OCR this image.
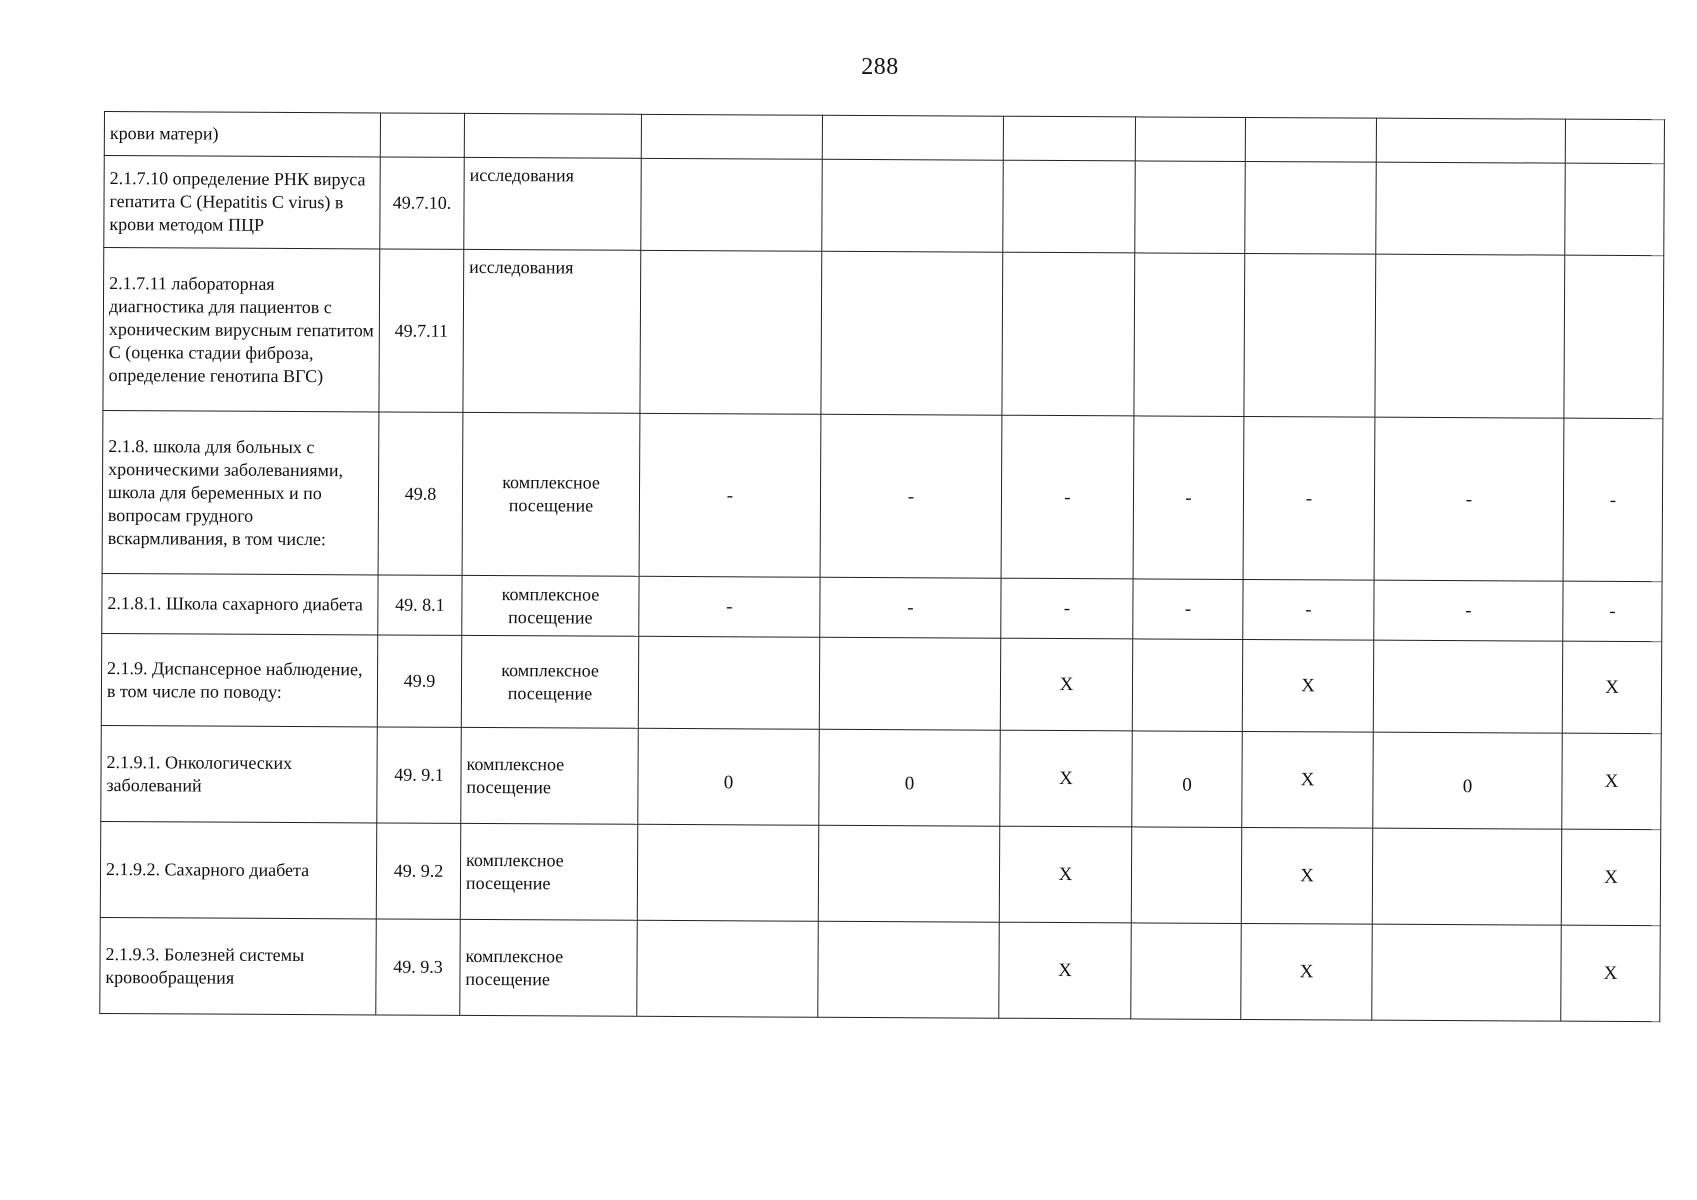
288
крови матери)									
2.1.7.10 определение РНК вируса гепатита С (Hepatitis C virus) в крови методом ПЦР	49.7.10.	исследования							
2.1.7.11 лабораторная диагностика для пациентов с хроническим вирусным гепатитом С (оценка стадии фиброза, определение генотипа ВГС)	49.7.11	исследования							
2.1.8. школа для больных с хроническими заболеваниями, школа для беременных и по вопросам грудного вскармливания, в том числе:	49.8	комплексное посещение	-	-	-	-	-	-	-
2.1.8.1. Школа сахарного диабета	49. 8.1	комплексное посещение	-	-	-	-	-	-	-
2.1.9. Диспансерное наблюдение, в том числе по поводу:	49.9	комплексное посещение			Х		Х		Х
2.1.9.1. Онкологических заболеваний	49. 9.1	комплексное посещение	0	0	Х	0	Х	0	Х
2.1.9.2. Сахарного диабета	49. 9.2	комплексное посещение			Х		Х		Х
2.1.9.3. Болезней системы кровообращения	49. 9.3	комплексное посещение			Х		Х		Х
